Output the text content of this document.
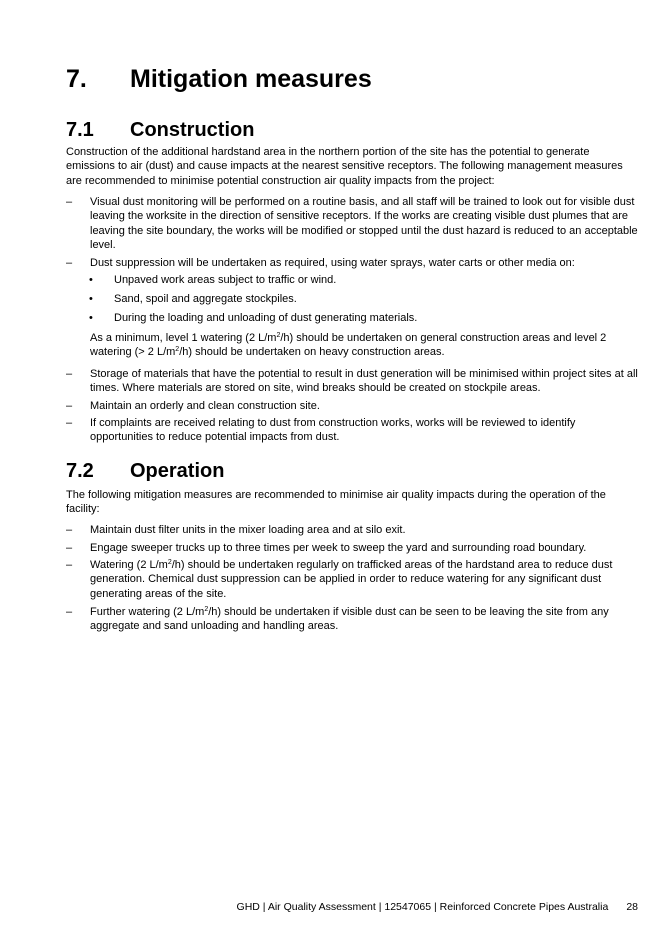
7. Mitigation measures
7.1 Construction

Construction of the additional hardstand area in the northern portion of the site has the potential to generate emissions to air (dust) and cause impacts at the nearest sensitive receptors. The following management measures are recommended to minimise potential construction air quality impacts from the project:

– Visual dust monitoring will be performed on a routine basis, and all staff will be trained to look out for visible dust leaving the worksite in the direction of sensitive receptors. If the works are creating visible dust plumes that are leaving the site boundary, the works will be modified or stopped until the dust hazard is reduced to an acceptable level.

– Dust suppression will be undertaken as required, using water sprays, water carts or other media on:

• Unpaved work areas subject to traffic or wind.

• Sand, spoil and aggregate stockpiles.

• During the loading and unloading of dust generating materials.

As a minimum, level 1 watering (2 $L/m^2/h$) should be undertaken on general construction areas and level 2 watering (> 2 $L/m^2/h$) should be undertaken on heavy construction areas.

– Storage of materials that have the potential to result in dust generation will be minimised within project sites at all times. Where materials are stored on site, wind breaks should be created on stockpile areas.

– Maintain an orderly and clean construction site.

– If complaints are received relating to dust from construction works, works will be reviewed to identify opportunities to reduce potential impacts from dust.

7.2 Operation

The following mitigation measures are recommended to minimise air quality impacts during the operation of the facility:

– Maintain dust filter units in the mixer loading area and at silo exit.

– Engage sweeper trucks up to three times per week to sweep the yard and surrounding road boundary.

– Watering (2 $L/m^2/h$) should be undertaken regularly on trafficked areas of the hardstand area to reduce dust generation. Chemical dust suppression can be applied in order to reduce watering for any significant dust generating areas of the site.

– Further watering (2 $L/m^2/h$) should be undertaken if visible dust can be seen to be leaving the site from any aggregate and sand unloading and handling areas.

GHD | Air Quality Assessment | 12547065 | Reinforced Concrete Pipes Australia 28
